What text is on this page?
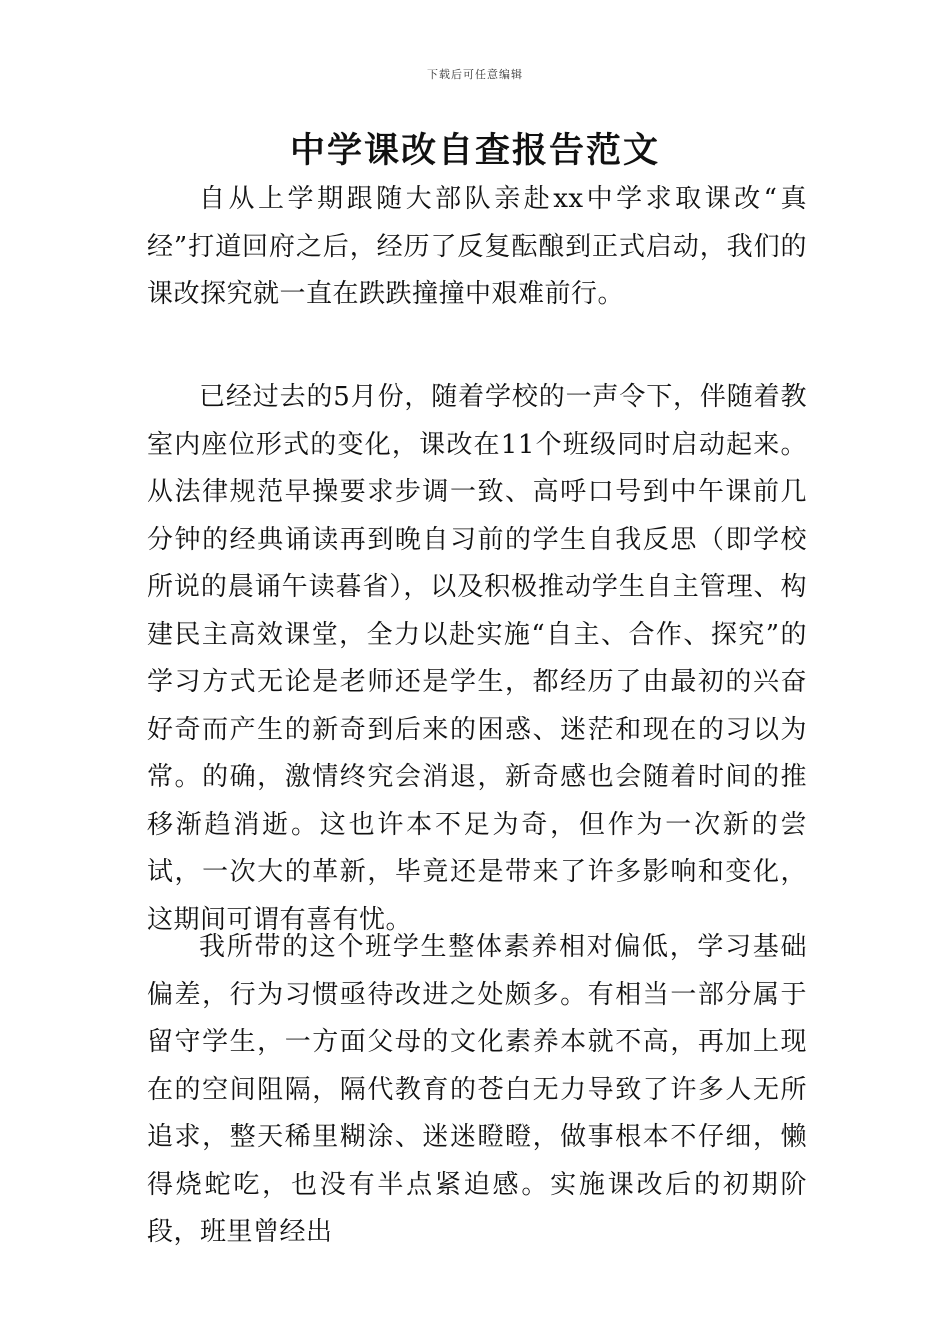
下载后可任意编辑
中学课改自查报告范文

自从上学期跟随大部队亲赴xx中学求取课改“真经”打道回府之后，经历了反复酝酿到正式启动，我们的课改探究就一直在跌跌撞撞中艰难前行。

已经过去的5月份，随着学校的一声令下，伴随着教室内座位形式的变化，课改在11个班级同时启动起来。从法律规范早操要求步调一致、高呼口号到中午课前几分钟的经典诵读再到晚自习前的学生自我反思（即学校所说的晨诵午读暮省），以及积极推动学生自主管理、构建民主高效课堂，全力以赴实施“自主、合作、探究”的学习方式无论是老师还是学生，都经历了由最初的兴奋好奇而产生的新奇到后来的困惑、迷茫和现在的习以为常。的确，激情终究会消退，新奇感也会随着时间的推移渐趋消逝。这也许本不足为奇，但作为一次新的尝试，一次大的革新，毕竟还是带来了许多影响和变化，这期间可谓有喜有忧。

我所带的这个班学生整体素养相对偏低，学习基础偏差，行为习惯亟待改进之处颇多。有相当一部分属于留守学生，一方面父母的文化素养本就不高，再加上现在的空间阻隔，隔代教育的苍白无力导致了许多人无所追求，整天稀里糊涂、迷迷瞪瞪，做事根本不仔细，懒得烧蛇吃，也没有半点紧迫感。实施课改后的初期阶段，班里曾经出
